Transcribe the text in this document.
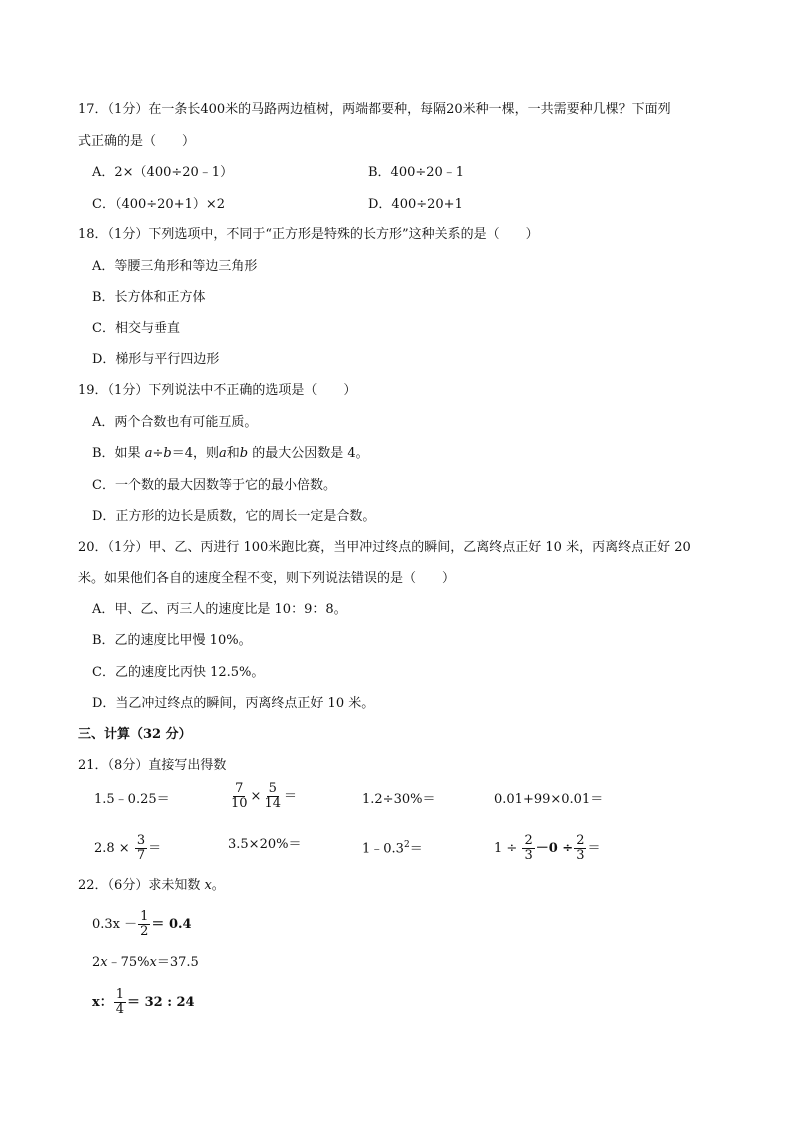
17．（1分）在一条长400米的马路两边植树，两端都要种，每隔20米种一棵，一共需要种几棵？下面列
式正确的是（　　）
A．2×（400÷20﹣1）	B．400÷20﹣1
C．（400÷20+1）×2	D．400÷20+1
18．（1分）下列选项中，不同于“正方形是特殊的长方形”这种关系的是（　　）
A．等腰三角形和等边三角形
B．长方体和正方体
C．相交与垂直
D．梯形与平行四边形
19．（1分）下列说法中不正确的选项是（　　）
A．两个合数也有可能互质。
B．如果 a÷b＝4，则a和b 的最大公因数是 4。
C．一个数的最大因数等于它的最小倍数。
D．正方形的边长是质数，它的周长一定是合数。
20．（1分）甲、乙、丙进行 100米跑比赛，当甲冲过终点的瞬间，乙离终点正好 10 米，丙离终点正好 20
米。如果他们各自的速度全程不变，则下列说法错误的是（　　）
A．甲、乙、丙三人的速度比是 10：9：8。
B．乙的速度比甲慢 10%。
C．乙的速度比丙快 12.5%。
D．当乙冲过终点的瞬间，丙离终点正好 10 米。
三、计算（32 分）
21．（8分）直接写出得数
1.5﹣0.25＝	$\frac{7}{10} \times \frac{5}{14}$ ＝	1.2÷30%＝	0.01+99×0.01＝
$2.8 \times \frac{3}{7}$ ＝	3.5×20%＝	$1﹣0.3^2=$	$1 \div \frac{2}{3} -0 \div \frac{2}{3}$ ＝
22．（6分）求未知数 x。
$0.3x - \frac{1}{2} = 0.4$
2x﹣75%x＝37.5
x： $\frac{1}{4} = 32$ : 24
